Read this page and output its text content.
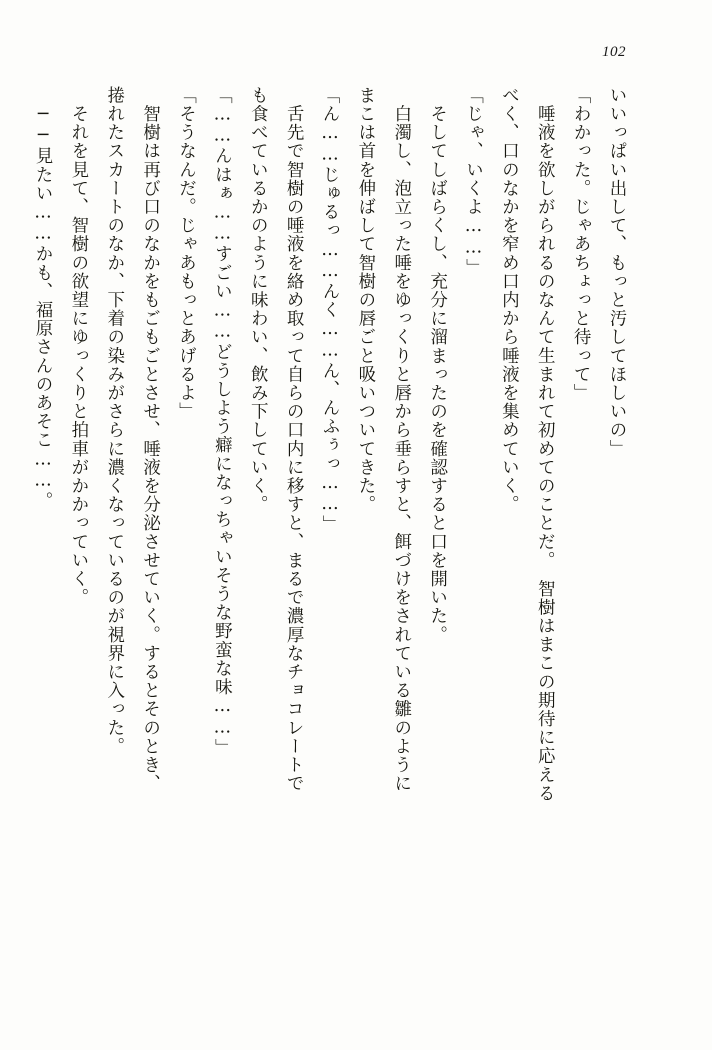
102

いいっぱい出して、もっと汚してほしいの」

「わかった。じゃあちょっと待って」

　唾液を欲しがられるのなんて生まれて初めてのことだ。　智樹はまこの期待に応える

べく、口のなかを窄め口内から唾液を集めていく。

「じゃ、いくよ……」

　そしてしばらくし、充分に溜まったのを確認すると口を開いた。

　白濁し、泡立った唾をゆっくりと唇から垂らすと、餌づけをされている雛のように

まこは首を伸ばして智樹の唇ごと吸いついてきた。

「ん……じゅるっ……んく……ん、んふぅっ……」

　舌先で智樹の唾液を絡め取って自らの口内に移すと、まるで濃厚なチョコレートで

も食べているかのように味わい、飲み下していく。

「……んはぁ……すごい……どうしよう癖になっちゃいそうな野蛮な味……」

「そうなんだ。じゃあもっとあげるよ」

　智樹は再び口のなかをもごもごとさせ、唾液を分泌させていく。するとそのとき、

捲れたスカートのなか、下着の染みがさらに濃くなっているのが視界に入った。

　それを見て、智樹の欲望にゆっくりと拍車がかかっていく。

　──見たい……かも、福原さんのあそこ……。
